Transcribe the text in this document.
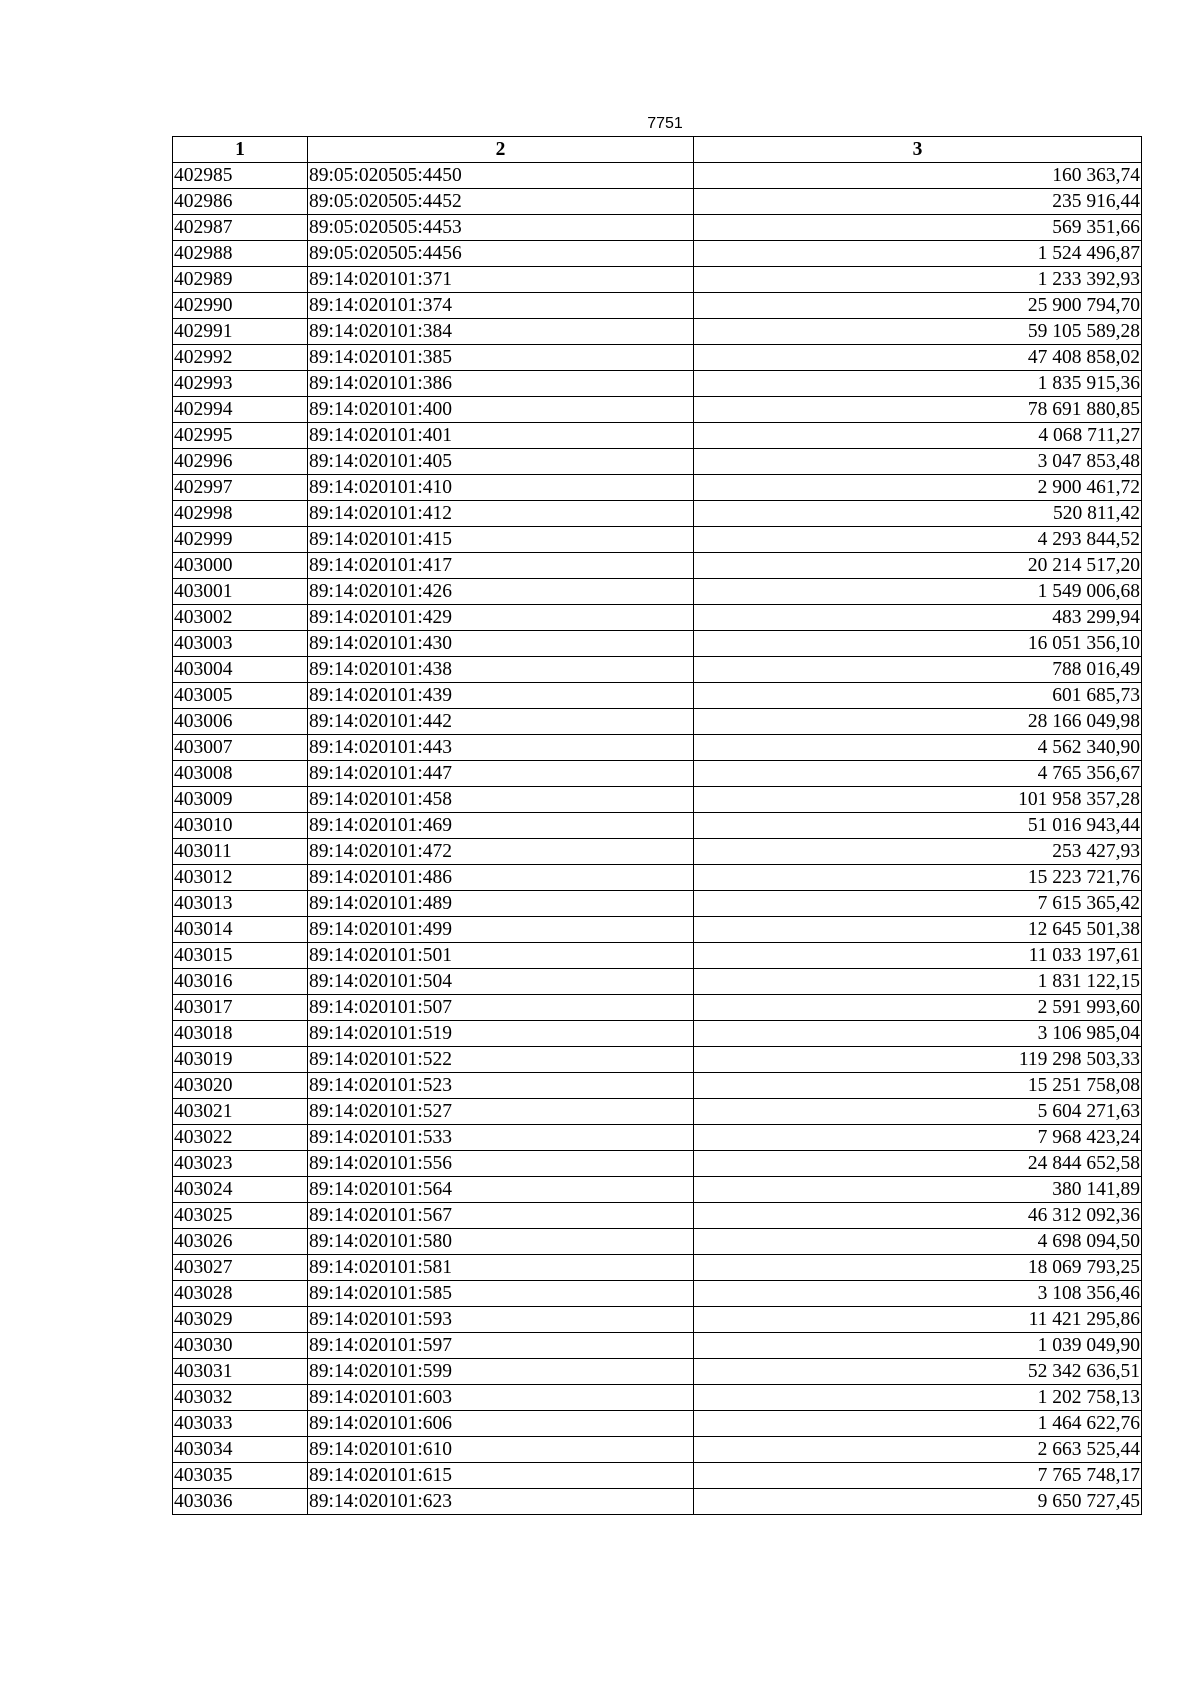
7751
1	2	3
402985	89:05:020505:4450	160 363,74
402986	89:05:020505:4452	235 916,44
402987	89:05:020505:4453	569 351,66
402988	89:05:020505:4456	1 524 496,87
402989	89:14:020101:371	1 233 392,93
402990	89:14:020101:374	25 900 794,70
402991	89:14:020101:384	59 105 589,28
402992	89:14:020101:385	47 408 858,02
402993	89:14:020101:386	1 835 915,36
402994	89:14:020101:400	78 691 880,85
402995	89:14:020101:401	4 068 711,27
402996	89:14:020101:405	3 047 853,48
402997	89:14:020101:410	2 900 461,72
402998	89:14:020101:412	520 811,42
402999	89:14:020101:415	4 293 844,52
403000	89:14:020101:417	20 214 517,20
403001	89:14:020101:426	1 549 006,68
403002	89:14:020101:429	483 299,94
403003	89:14:020101:430	16 051 356,10
403004	89:14:020101:438	788 016,49
403005	89:14:020101:439	601 685,73
403006	89:14:020101:442	28 166 049,98
403007	89:14:020101:443	4 562 340,90
403008	89:14:020101:447	4 765 356,67
403009	89:14:020101:458	101 958 357,28
403010	89:14:020101:469	51 016 943,44
403011	89:14:020101:472	253 427,93
403012	89:14:020101:486	15 223 721,76
403013	89:14:020101:489	7 615 365,42
403014	89:14:020101:499	12 645 501,38
403015	89:14:020101:501	11 033 197,61
403016	89:14:020101:504	1 831 122,15
403017	89:14:020101:507	2 591 993,60
403018	89:14:020101:519	3 106 985,04
403019	89:14:020101:522	119 298 503,33
403020	89:14:020101:523	15 251 758,08
403021	89:14:020101:527	5 604 271,63
403022	89:14:020101:533	7 968 423,24
403023	89:14:020101:556	24 844 652,58
403024	89:14:020101:564	380 141,89
403025	89:14:020101:567	46 312 092,36
403026	89:14:020101:580	4 698 094,50
403027	89:14:020101:581	18 069 793,25
403028	89:14:020101:585	3 108 356,46
403029	89:14:020101:593	11 421 295,86
403030	89:14:020101:597	1 039 049,90
403031	89:14:020101:599	52 342 636,51
403032	89:14:020101:603	1 202 758,13
403033	89:14:020101:606	1 464 622,76
403034	89:14:020101:610	2 663 525,44
403035	89:14:020101:615	7 765 748,17
403036	89:14:020101:623	9 650 727,45
